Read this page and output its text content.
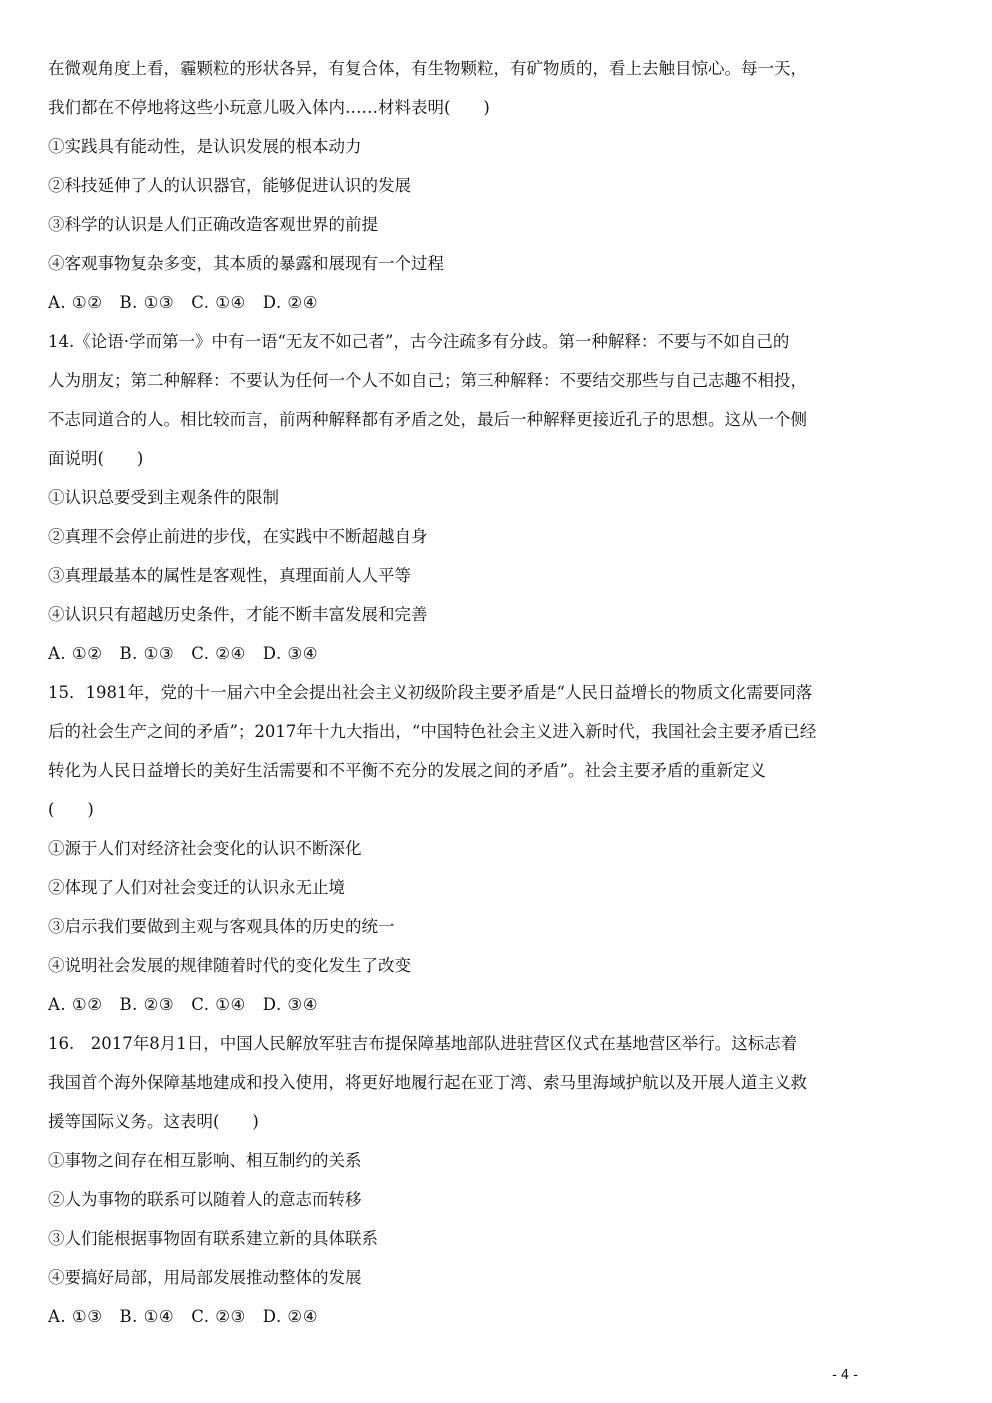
在微观角度上看，霾颗粒的形状各异，有复合体，有生物颗粒，有矿物质的，看上去触目惊心。每一天，
我们都在不停地将这些小玩意儿吸入体内……材料表明(　　)
①实践具有能动性，是认识发展的根本动力
②科技延伸了人的认识器官，能够促进认识的发展
③科学的认识是人们正确改造客观世界的前提
④客观事物复杂多变，其本质的暴露和展现有一个过程
A. ①②　B. ①③　C. ①④　D. ②④
14.《论语·学而第一》中有一语“无友不如己者”，古今注疏多有分歧。第一种解释：不要与不如自己的
人为朋友；第二种解释：不要认为任何一个人不如自己；第三种解释：不要结交那些与自己志趣不相投，
不志同道合的人。相比较而言，前两种解释都有矛盾之处，最后一种解释更接近孔子的思想。这从一个侧
面说明(　　)
①认识总要受到主观条件的限制
②真理不会停止前进的步伐，在实践中不断超越自身
③真理最基本的属性是客观性，真理面前人人平等
④认识只有超越历史条件，才能不断丰富发展和完善
A. ①②　B. ①③　C. ②④　D. ③④
15．1981年，党的十一届六中全会提出社会主义初级阶段主要矛盾是“人民日益增长的物质文化需要同落
后的社会生产之间的矛盾”；2017年十九大指出，“中国特色社会主义进入新时代，我国社会主要矛盾已经
转化为人民日益增长的美好生活需要和不平衡不充分的发展之间的矛盾”。社会主要矛盾的重新定义
(　　)
①源于人们对经济社会变化的认识不断深化
②体现了人们对社会变迁的认识永无止境
③启示我们要做到主观与客观具体的历史的统一
④说明社会发展的规律随着时代的变化发生了改变
A. ①②　B. ②③　C. ①④　D. ③④
16.　2017年8月1日，中国人民解放军驻吉布提保障基地部队进驻营区仪式在基地营区举行。这标志着
我国首个海外保障基地建成和投入使用，将更好地履行起在亚丁湾、索马里海域护航以及开展人道主义救
援等国际义务。这表明(　　)
①事物之间存在相互影响、相互制约的关系
②人为事物的联系可以随着人的意志而转移
③人们能根据事物固有联系建立新的具体联系
④要搞好局部，用局部发展推动整体的发展
A. ①③　B. ①④　C. ②③　D. ②④
- 4 -
